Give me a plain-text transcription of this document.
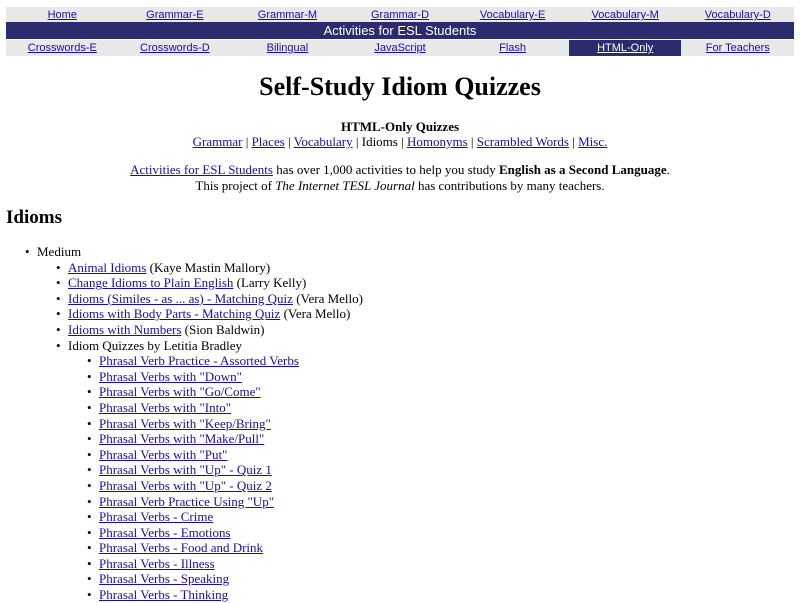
Home	Grammar-E	Grammar-M	Grammar-D	Vocabulary-E	Vocabulary-M	Vocabulary-D
Activities for ESL Students
Crosswords-E	Crosswords-D	Bilingual	JavaScript	Flash	HTML-Only	For Teachers
Self-Study Idiom Quizzes
HTML-Only Quizzes
Grammar | Places | Vocabulary | Idioms | Homonyms | Scrambled Words | Misc.
Activities for ESL Students has over 1,000 activities to help you study English as a Second Language.
This project of The Internet TESL Journal has contributions by many teachers.
Idioms
• Medium
• Animal Idioms (Kaye Mastin Mallory)
• Change Idioms to Plain English (Larry Kelly)
• Idioms (Similes - as ... as) - Matching Quiz (Vera Mello)
• Idioms with Body Parts - Matching Quiz (Vera Mello)
• Idioms with Numbers (Sion Baldwin)
• Idiom Quizzes by Letitia Bradley
• Phrasal Verb Practice - Assorted Verbs
• Phrasal Verbs with "Down"
• Phrasal Verbs with "Go/Come"
• Phrasal Verbs with "Into"
• Phrasal Verbs with "Keep/Bring"
• Phrasal Verbs with "Make/Pull"
• Phrasal Verbs with "Put"
• Phrasal Verbs with "Up" - Quiz 1
• Phrasal Verbs with "Up" - Quiz 2
• Phrasal Verb Practice Using "Up"
• Phrasal Verbs - Crime
• Phrasal Verbs - Emotions
• Phrasal Verbs - Food and Drink
• Phrasal Verbs - Illness
• Phrasal Verbs - Speaking
• Phrasal Verbs - Thinking
